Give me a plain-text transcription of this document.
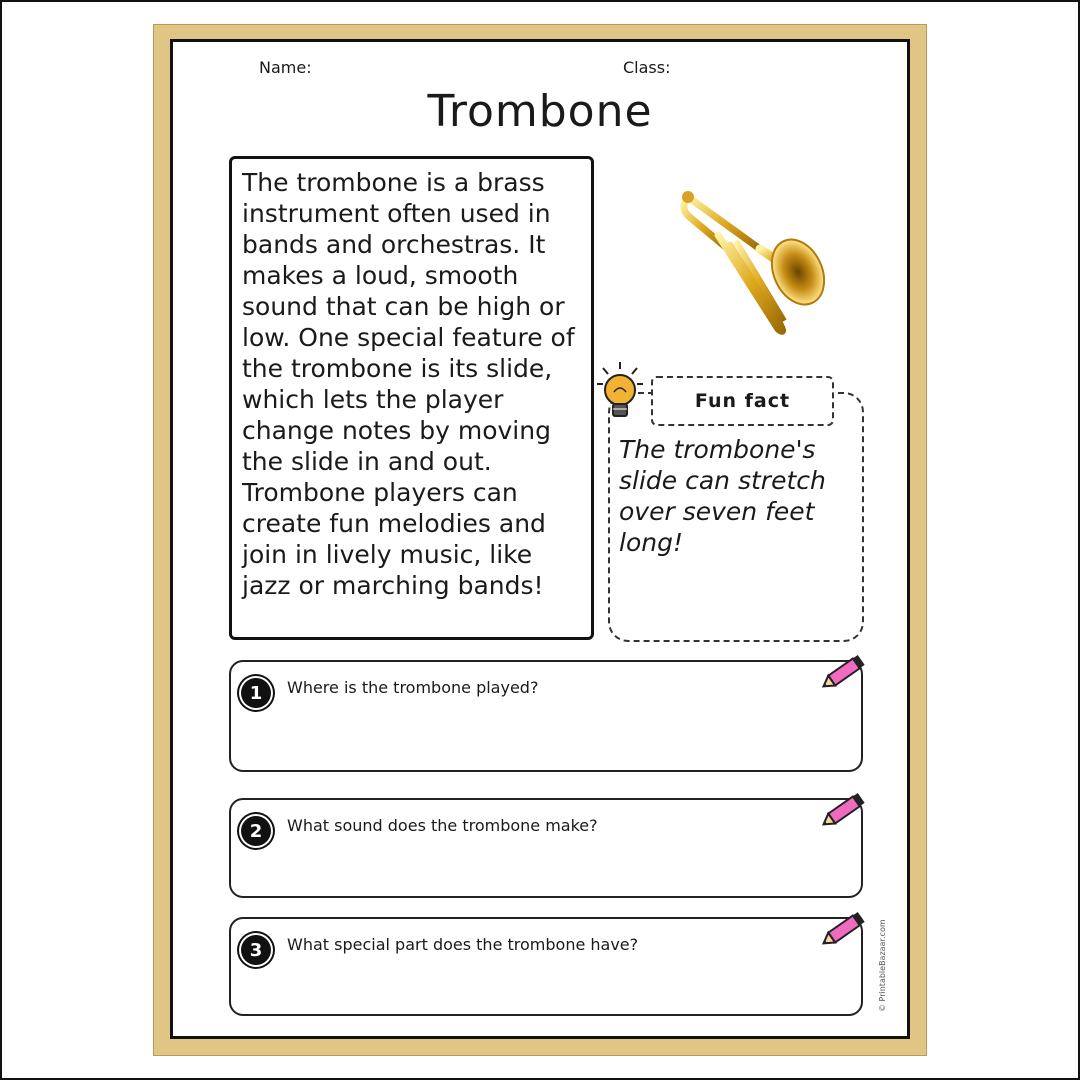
Name:	Class:
Trombone
The trombone is a brass instrument often used in bands and orchestras. It makes a loud, smooth sound that can be high or low. One special feature of the trombone is its slide, which lets the player change notes by moving the slide in and out. Trombone players can create fun melodies and join in lively music, like jazz or marching bands!
Fun fact
The trombone's slide can stretch over seven feet long!
1	Where is the trombone played?
2	What sound does the trombone make?
3	What special part does the trombone have?	© PrintableBazaar.com
